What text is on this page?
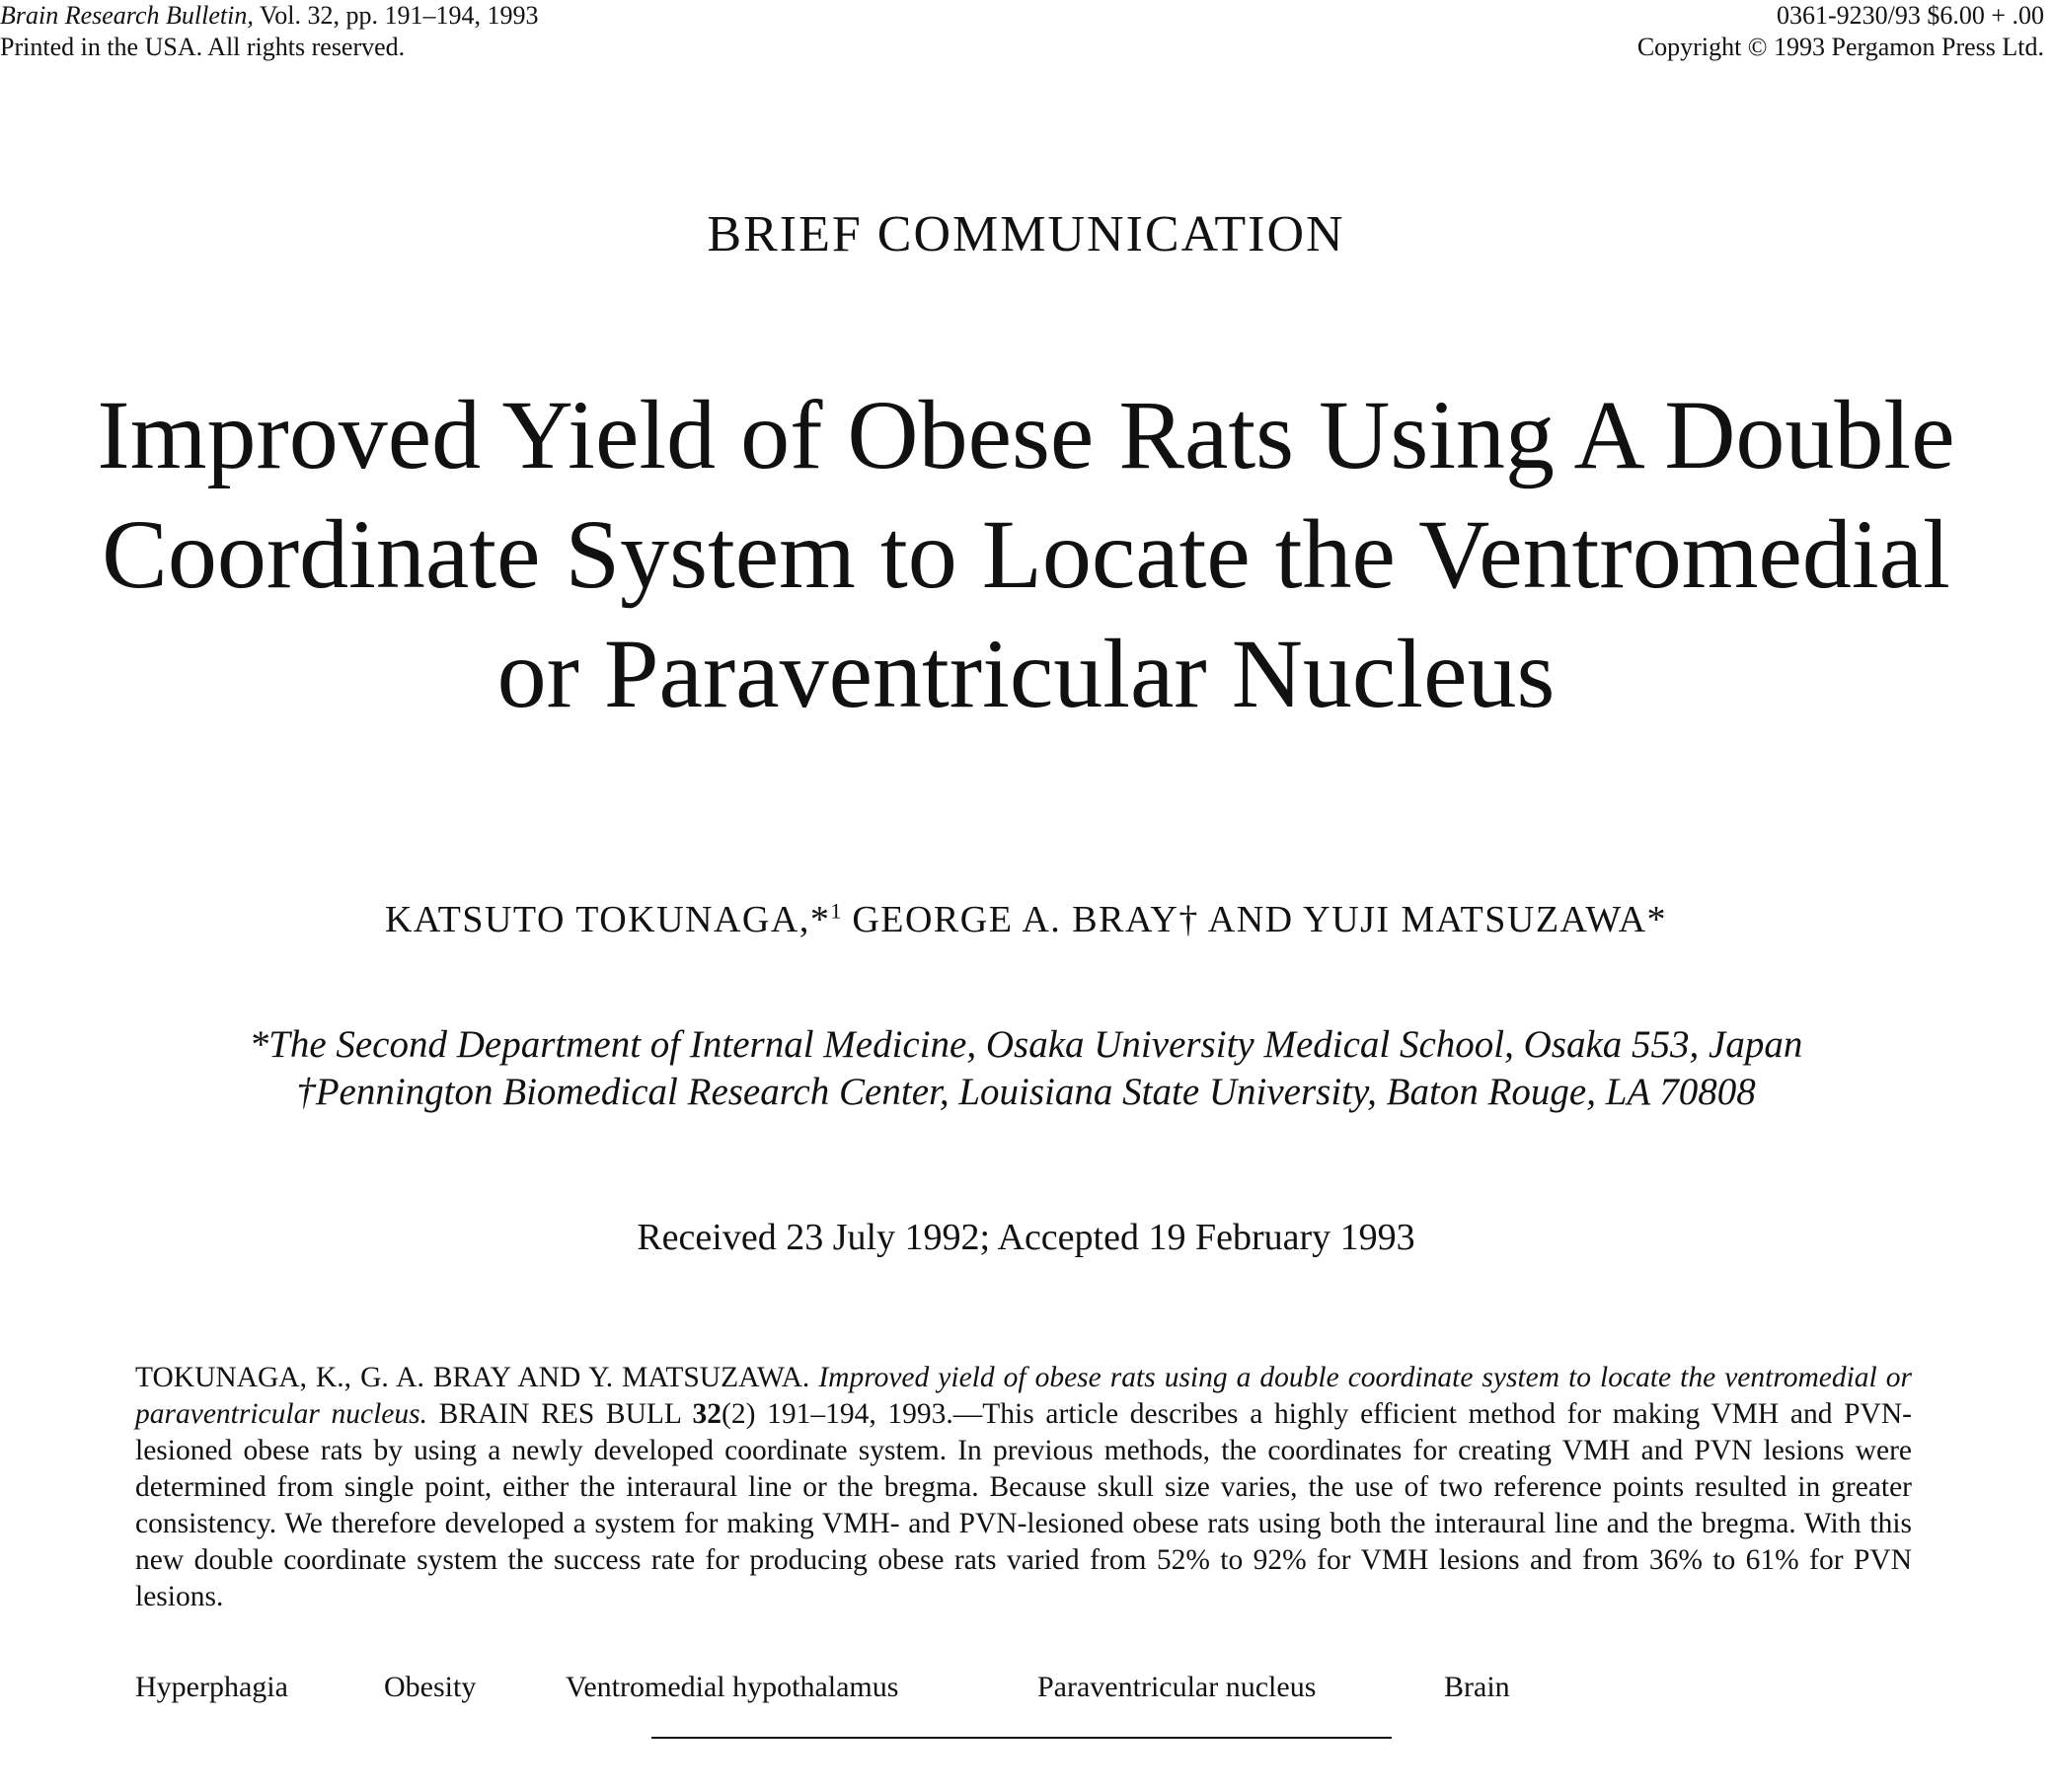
Brain Research Bulletin, Vol. 32, pp. 191–194, 1993
Printed in the USA. All rights reserved.
0361-9230/93 $6.00 + .00
Copyright © 1993 Pergamon Press Ltd.
BRIEF COMMUNICATION
Improved Yield of Obese Rats Using A Double
Coordinate System to Locate the Ventromedial
or Paraventricular Nucleus
KATSUTO TOKUNAGA,*$^1$ GEORGE A. BRAY† AND YUJI MATSUZAWA*
*The Second Department of Internal Medicine, Osaka University Medical School, Osaka 553, Japan
†Pennington Biomedical Research Center, Louisiana State University, Baton Rouge, LA 70808
Received 23 July 1992; Accepted 19 February 1993
TOKUNAGA, K., G. A. BRAY AND Y. MATSUZAWA. Improved yield of obese rats using a double coordinate system to locate the ventromedial or paraventricular nucleus. BRAIN RES BULL 32(2) 191–194, 1993.—This article describes a highly efficient method for making VMH and PVN-lesioned obese rats by using a newly developed coordinate system. In previous methods, the coordinates for creating VMH and PVN lesions were determined from single point, either the interaural line or the bregma. Because skull size varies, the use of two reference points resulted in greater consistency. We therefore developed a system for making VMH- and PVN-lesioned obese rats using both the interaural line and the bregma. With this new double coordinate system the success rate for producing obese rats varied from 52% to 92% for VMH lesions and from 36% to 61% for PVN lesions.
Hyperphagia	Obesity	Ventromedial hypothalamus	Paraventricular nucleus	Brain
